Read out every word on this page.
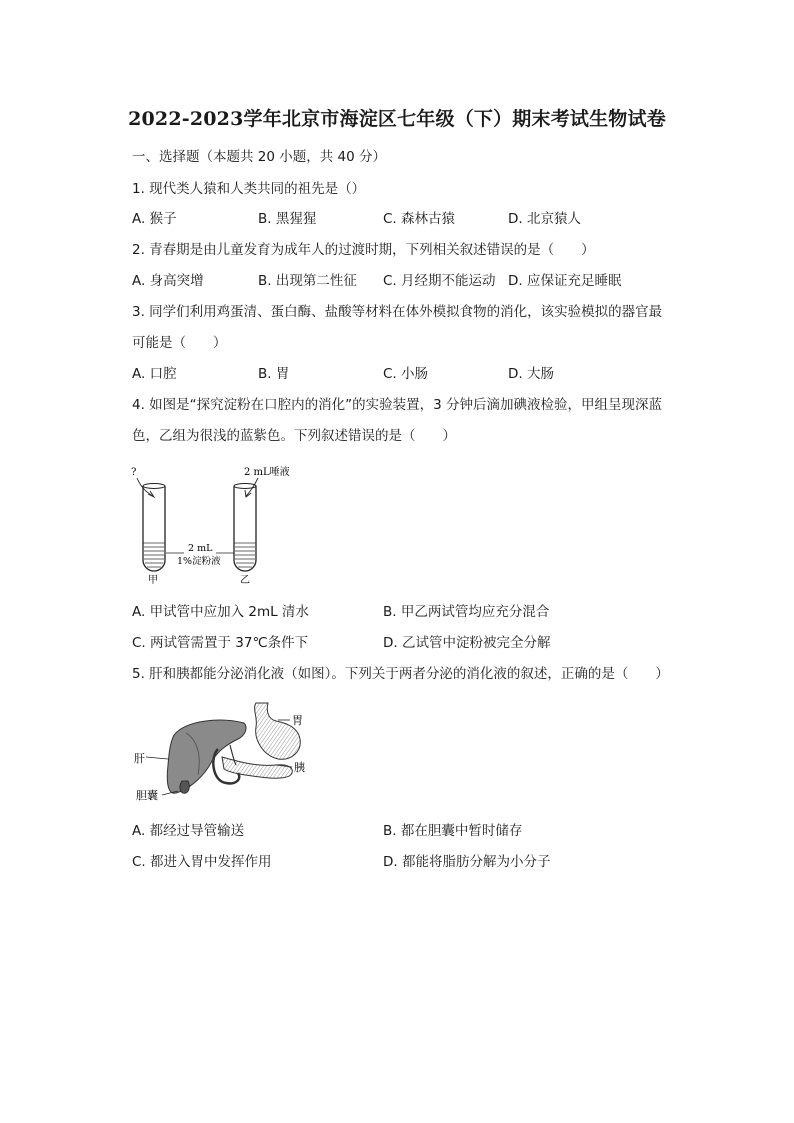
2022-2023学年北京市海淀区七年级（下）期末考试生物试卷
一、选择题（本题共 20 小题，共 40 分）
1. 现代类人猿和人类共同的祖先是（）
A. 猴子	B. 黑猩猩	C. 森林古猿	D. 北京猿人
2. 青春期是由儿童发育为成年人的过渡时期，下列相关叙述错误的是（　　）
A. 身高突增	B. 出现第二性征 C. 月经期不能运动 D. 应保证充足睡眠
3. 同学们利用鸡蛋清、蛋白酶、盐酸等材料在体外模拟食物的消化，该实验模拟的器官最
可能是（　　）
A. 口腔	B. 胃	C. 小肠	D. 大肠
4. 如图是“探究淀粉在口腔内的消化”的实验装置，3 分钟后滴加碘液检验，甲组呈现深蓝
色，乙组为很浅的蓝紫色。下列叙述错误的是（　　）
?	2 mL唾液
2 mL
1%淀粉液
甲	乙
A. 甲试管中应加入 2mL 清水	B. 甲乙两试管均应充分混合
C. 两试管需置于 37℃条件下	D. 乙试管中淀粉被完全分解
5. 肝和胰都能分泌消化液（如图）。下列关于两者分泌的消化液的叙述，正确的是（　　）
胃
肝
胰
胆囊
A. 都经过导管输送	B. 都在胆囊中暂时储存
C. 都进入胃中发挥作用	D. 都能将脂肪分解为小分子
